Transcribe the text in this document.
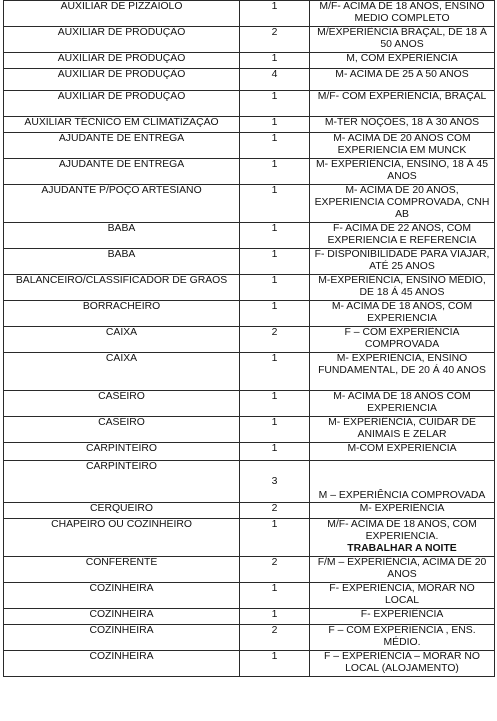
AUXILIAR DE PIZZAIOLO	1	M/F- ACIMA DE 18 ANOS, ENSINO MEDIO COMPLETO
AUXILIAR DE PRODUÇÃO	2	M/EXPERIÊNCIA BRAÇAL, DE 18 Á 50 ANOS
AUXILIAR DE PRODUÇÃO	1	M, COM EXPERIÊNCIA
AUXILIAR DE PRODUÇÃO	4	M- ACIMA DE 25 A 50 ANOS
AUXILIAR DE PRODUÇÃO	1	M/F- COM EXPERIENCIA, BRAÇAL
AUXILIAR TÉCNICO EM CLIMATIZAÇÃO	1	M-TER NOÇÕES, 18 Á 30 ANOS
AJUDANTE DE ENTREGA	1	M- ACIMA DE 20 ANOS COM EXPERIENCIA EM MUNCK
AJUDANTE DE ENTREGA	1	M- EXPERIÊNCIA, ENSINO, 18 Á 45 ANOS
AJUDANTE P/POÇO ARTESIANO	1	M- ACIMA DE 20 ANOS, EXPERIENCIA COMPROVADA, CNH AB
BABA	1	F- ACIMA DE 22 ANOS, COM EXPERIENCIA E REFERENCIA
BABA	1	F- DISPONIBILIDADE PARA VIAJAR, ATÉ 25 ANOS
BALANCEIRO/CLASSIFICADOR DE GRÃOS	1	M-EXPERIÊNCIA, ENSINO MÉDIO, DE 18 Á 45 ANOS
BORRACHEIRO	1	M- ACIMA DE 18 ANOS, COM EXPERIENCIA
CAIXA	2	F – COM EXPERIÊNCIA COMPROVADA
CAIXA	1	M- EXPERIÊNCIA, ENSINO FUNDAMENTAL, DE 20 Á 40 ANOS
CASEIRO	1	M- ACIMA DE 18 ANOS COM EXPERIENCIA
CASEIRO	1	M- EXPERIÊNCIA, CUIDAR DE ANIMAIS E ZELAR
CARPINTEIRO	1	M-COM EXPERIENCIA
CARPINTEIRO	3	M – EXPERIÊNCIA COMPROVADA
CERQUEIRO	2	M- EXPERIÊNCIA
CHAPEIRO OU COZINHEIRO	1	M/F- ACIMA DE 18 ANOS, COM EXPERIENCIA.
TRABALHAR A NOITE

CONFERENTE	2	F/M – EXPERIÊNCIA, ACIMA DE 20 ANOS
COZINHEIRA	1	F- EXPERIÊNCIA, MORAR NO LOCAL
COZINHEIRA	1	F- EXPERIÊNCIA
COZINHEIRA	2	F – COM EXPERIENCIA , ENS. MÉDIO.
COZINHEIRA	1	F – EXPERIÊNCIA – MORAR NO LOCAL (ALOJAMENTO)
